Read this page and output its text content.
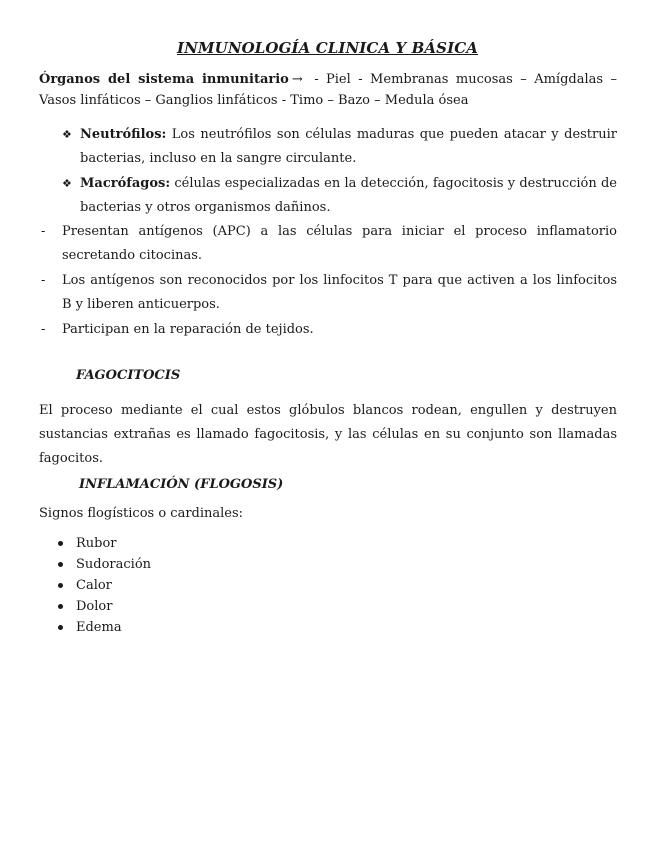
INMUNOLOGÍA CLINICA Y BÁSICA
Órganos del sistema inmunitario → - Piel - Membranas mucosas – Amígdalas – Vasos linfáticos – Ganglios linfáticos - Timo – Bazo – Medula ósea
❖ Neutrófilos: Los neutrófilos son células maduras que pueden atacar y destruir bacterias, incluso en la sangre circulante.
❖ Macrófagos: células especializadas en la detección, fagocitosis y destrucción de bacterias y otros organismos dañinos.
- Presentan antígenos (APC) a las células para iniciar el proceso inflamatorio secretando citocinas.
- Los antígenos son reconocidos por los linfocitos T para que activen a los linfocitos B y liberen anticuerpos.
- Participan en la reparación de tejidos.
FAGOCITOCIS
El proceso mediante el cual estos glóbulos blancos rodean, engullen y destruyen sustancias extrañas es llamado fagocitosis, y las células en su conjunto son llamadas fagocitos.
INFLAMACIÓN (FLOGOSIS)
Signos flogísticos o cardinales:
Rubor
Sudoración
Calor
Dolor
Edema
